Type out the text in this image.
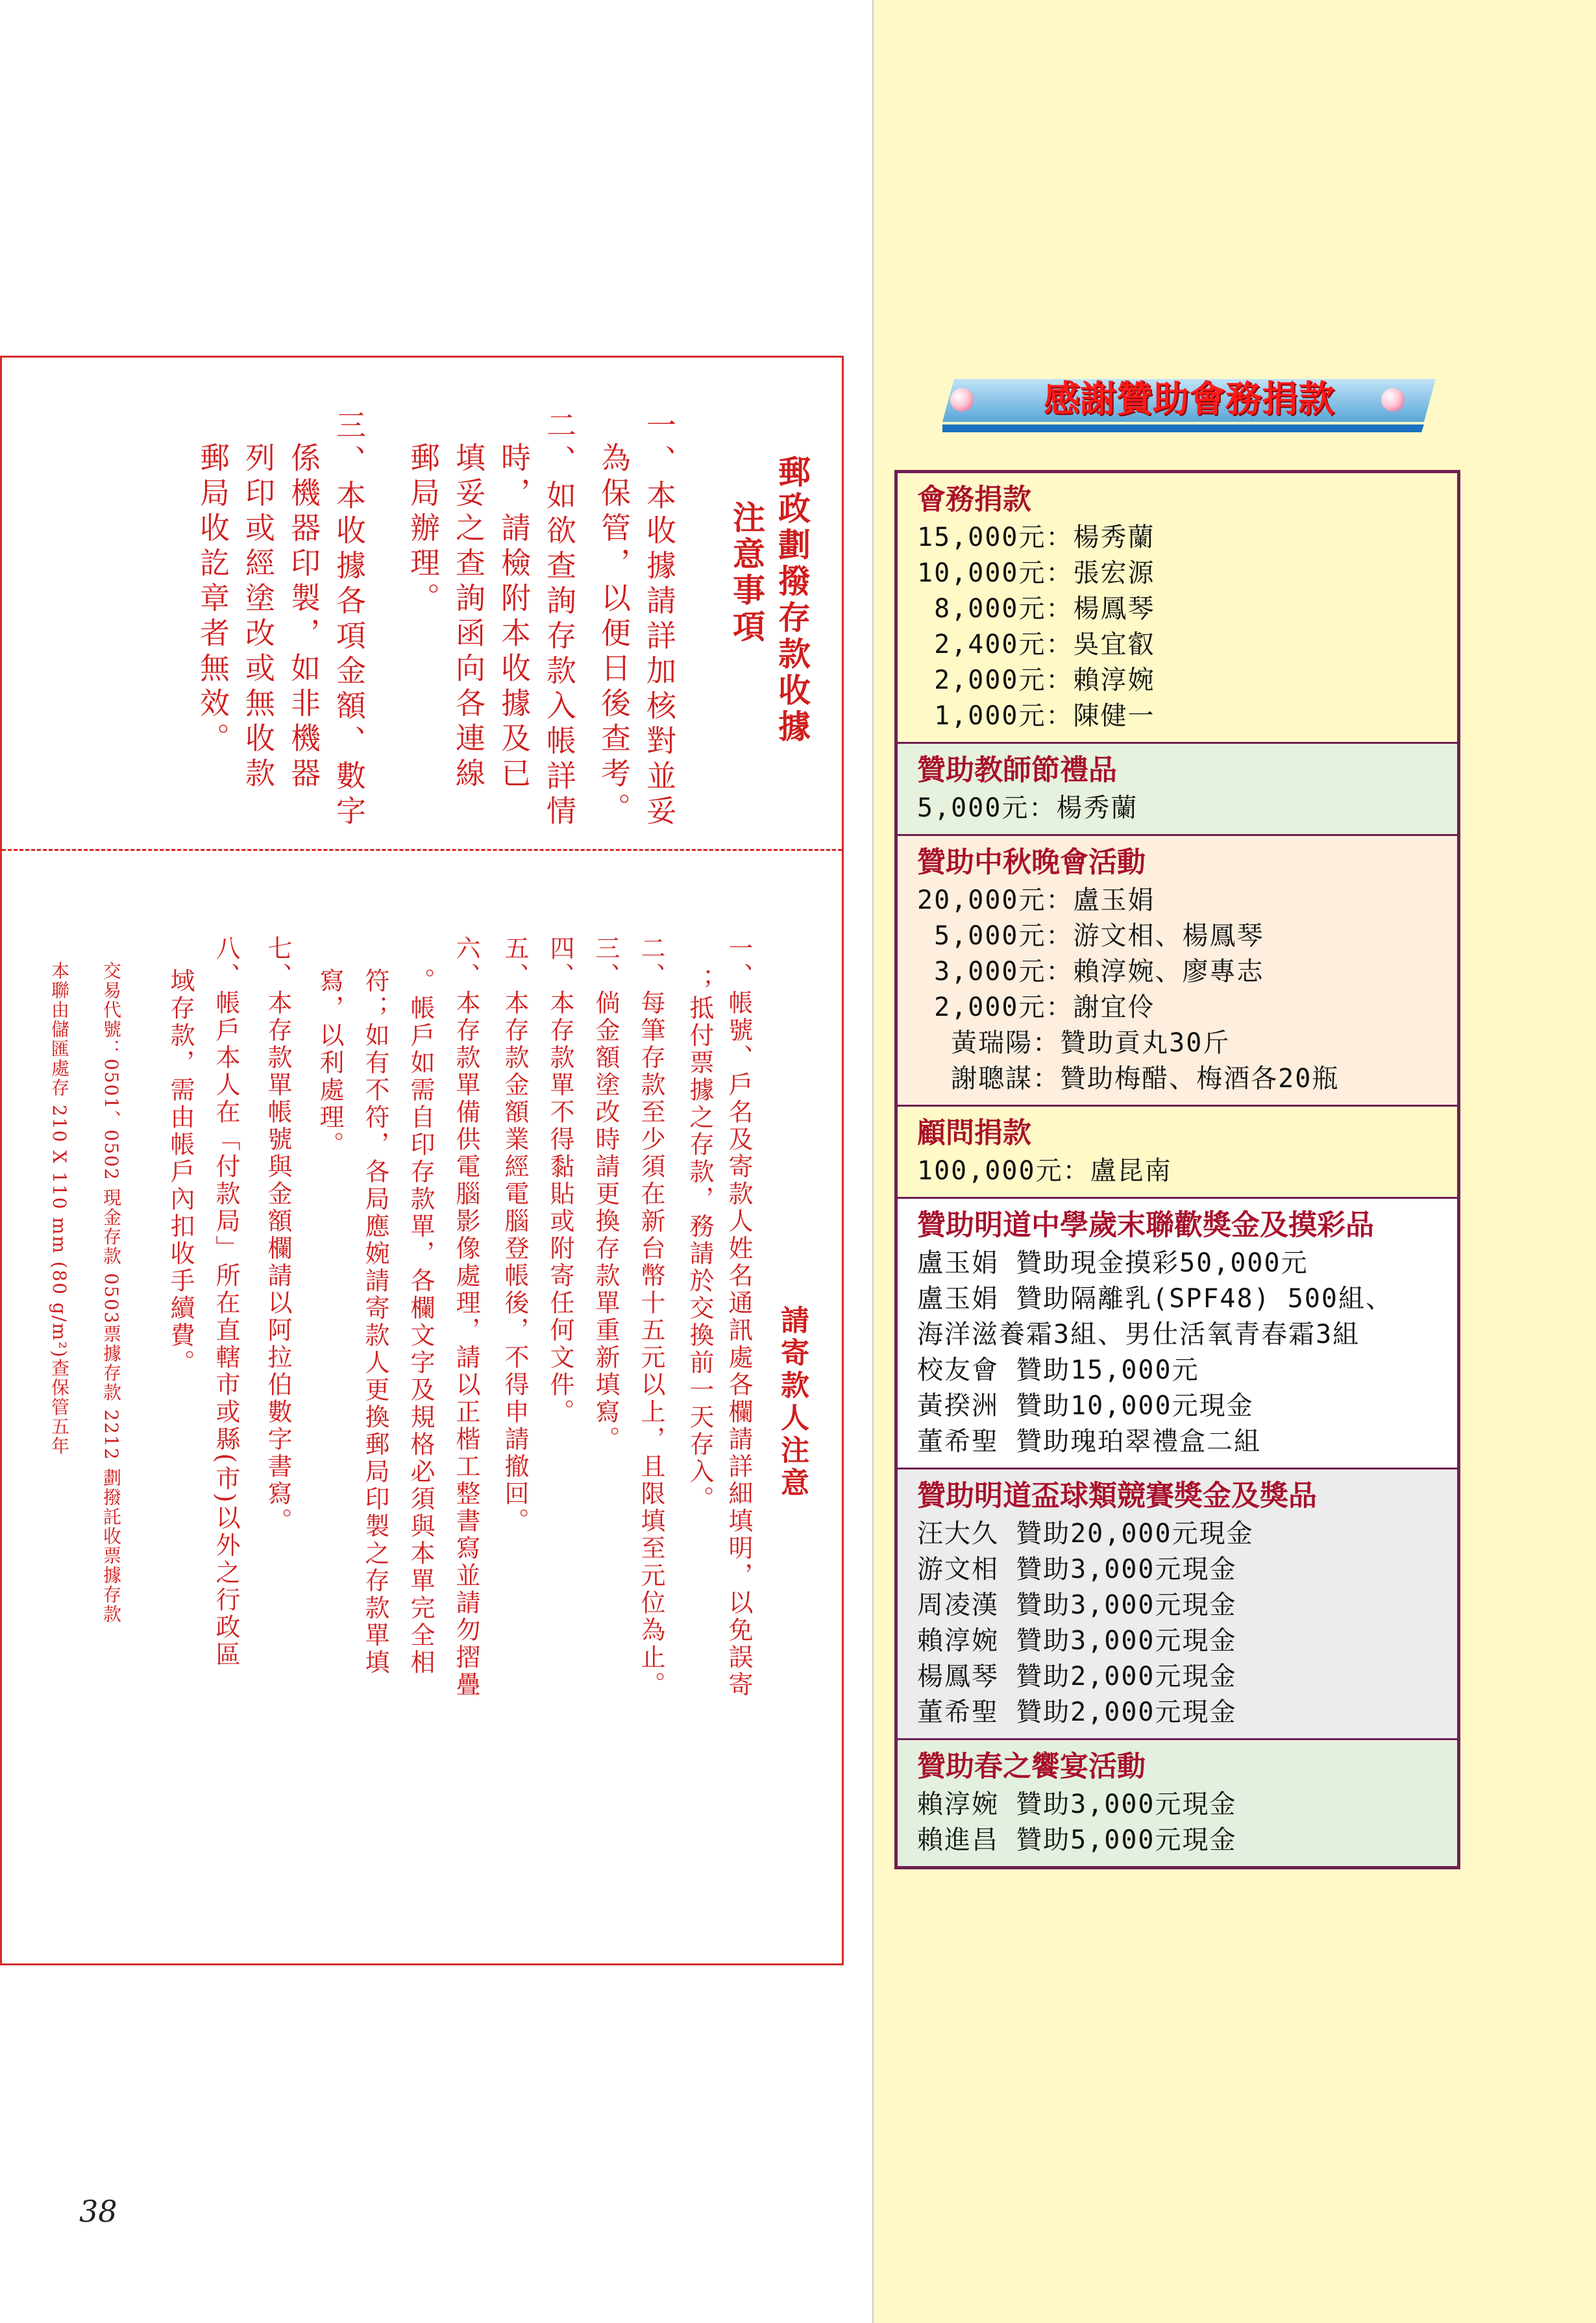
郵政劃撥存款收據
注意事項
一、本收據請詳加核對並妥
為保管，以便日後查考。
二、如欲查詢存款入帳詳情
時，請檢附本收據及已
填妥之查詢函向各連線
郵局辦理。
三、本收據各項金額、數字
係機器印製，如非機器
列印或經塗改或無收款
郵局收訖章者無效。
請寄款人注意
一、帳號、戶名及寄款人姓名通訊處各欄請詳細填明，以免誤寄
；抵付票據之存款，務請於交換前一天存入。
二、每筆存款至少須在新台幣十五元以上，且限填至元位為止。
三、倘金額塗改時請更換存款單重新填寫。
四、本存款單不得黏貼或附寄任何文件。
五、本存款金額業經電腦登帳後，不得申請撤回。
六、本存款單備供電腦影像處理，請以正楷工整書寫並請勿摺疊
。帳戶如需自印存款單，各欄文字及規格必須與本單完全相
符；如有不符，各局應婉請寄款人更換郵局印製之存款單填
寫，以利處理。
七、本存款單帳號與金額欄請以阿拉伯數字書寫。
八、帳戶本人在「付款局」所在直轄市或縣(市)以外之行政區
域存款，需由帳戶內扣收手續費。
交易代號：0501、0502 現金存款 0503票據存款 2212 劃撥託收票據存款
本聯由儲匯處存 210 X 110 mm (80 g/m²)查保管五年
38
感謝贊助會務捐款
會務捐款
15,000元：楊秀蘭
10,000元：張宏源
8,000元：楊鳳琴
2,400元：吳宜叡
2,000元：賴淳婉
1,000元：陳健一
贊助教師節禮品
5,000元：楊秀蘭
贊助中秋晚會活動
20,000元：盧玉娟
5,000元：游文相、楊鳳琴
3,000元：賴淳婉、廖專志
2,000元：謝宜伶
黃瑞陽：贊助貢丸30斤
謝聰謀：贊助梅醋、梅酒各20瓶
顧問捐款
100,000元：盧昆南
贊助明道中學歲末聯歡獎金及摸彩品
盧玉娟 贊助現金摸彩50,000元
盧玉娟 贊助隔離乳(SPF48) 500組、
海洋滋養霜3組、男仕活氧青春霜3組
校友會 贊助15,000元
黃揆洲 贊助10,000元現金
董希聖 贊助瑰珀翠禮盒二組
贊助明道盃球類競賽獎金及獎品
汪大久 贊助20,000元現金
游文相 贊助3,000元現金
周凌漢 贊助3,000元現金
賴淳婉 贊助3,000元現金
楊鳳琴 贊助2,000元現金
董希聖 贊助2,000元現金
贊助春之饗宴活動
賴淳婉 贊助3,000元現金
賴進昌 贊助5,000元現金
